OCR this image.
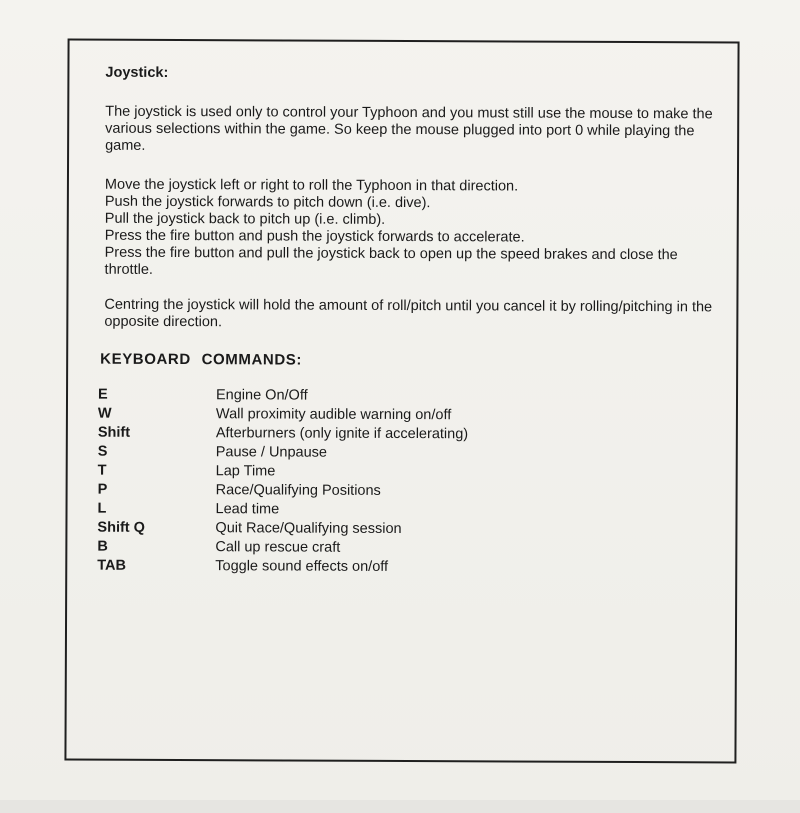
Joystick:

The joystick is used only to control your Typhoon and you must still use the mouse to make the various selections within the game. So keep the mouse plugged into port 0 while playing the game.

Move the joystick left or right to roll the Typhoon in that direction.

Push the joystick forwards to pitch down (i.e. dive).

Pull the joystick back to pitch up (i.e. climb).

Press the fire button and push the joystick forwards to accelerate.

Press the fire button and pull the joystick back to open up the speed brakes and close the throttle.

Centring the joystick will hold the amount of roll/pitch until you cancel it by rolling/pitching in the opposite direction.

KEYBOARD COMMANDS:
E	Engine On/Off
W	Wall proximity audible warning on/off
Shift	Afterburners (only ignite if accelerating)
S	Pause / Unpause
T	Lap Time
P	Race/Qualifying Positions
L	Lead time
Shift Q	Quit Race/Qualifying session
B	Call up rescue craft
TAB	Toggle sound effects on/off
